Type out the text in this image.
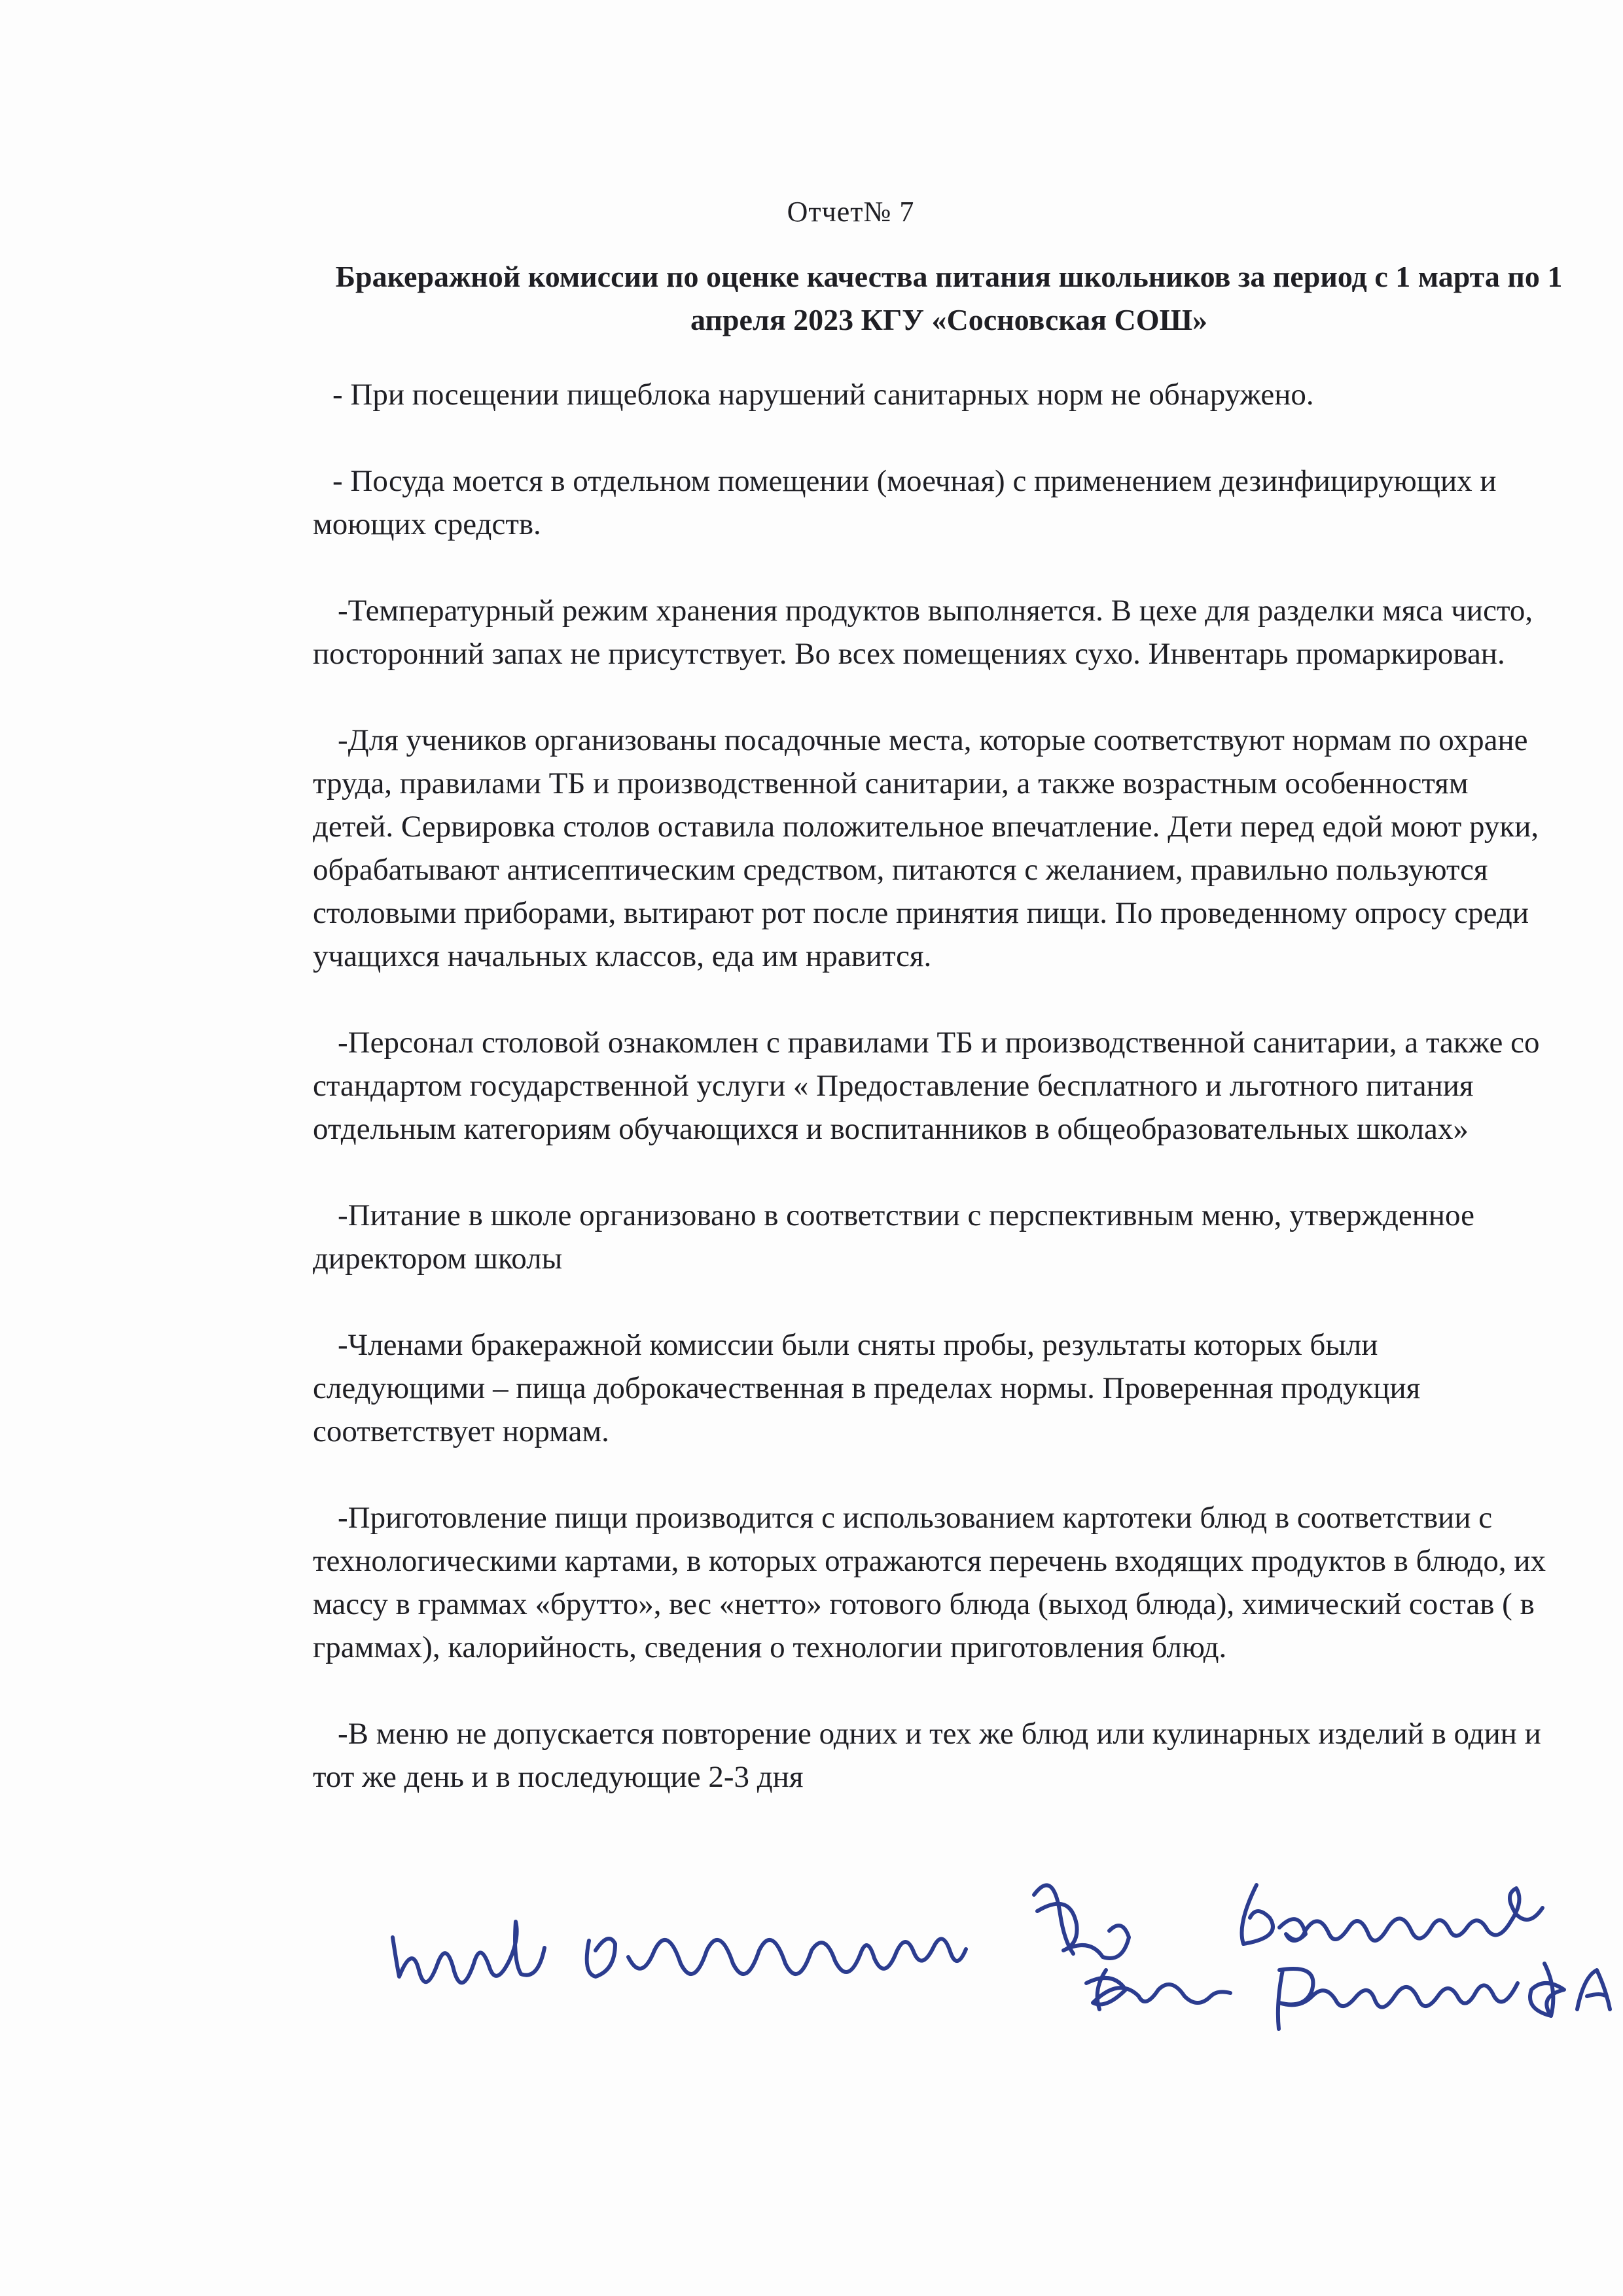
Отчет№ 7
Бракеражной комиссии по оценке качества питания школьников за период с 1 марта по 1 апреля 2023 КГУ «Сосновская СОШ»

- При посещении пищеблока нарушений санитарных норм не обнаружено.

- Посуда моется в отдельном помещении (моечная) с применением дезинфицирующих и моющих средств.

-Температурный режим хранения продуктов выполняется. В цехе для разделки мяса чисто, посторонний запах не присутствует. Во всех помещениях сухо. Инвентарь промаркирован.

-Для учеников организованы посадочные места, которые соответствуют нормам по охране труда, правилами ТБ и производственной санитарии, а также возрастным особенностям детей. Сервировка столов оставила положительное впечатление. Дети перед едой моют руки, обрабатывают антисептическим средством, питаются с желанием, правильно пользуются столовыми приборами, вытирают рот после принятия пищи. По проведенному опросу среди учащихся начальных классов, еда им нравится.

-Персонал столовой ознакомлен с правилами ТБ и производственной санитарии, а также со стандартом государственной услуги « Предоставление бесплатного и льготного питания отдельным категориям обучающихся и воспитанников в общеобразовательных школах»

-Питание в школе организовано в соответствии с перспективным меню, утвержденное директором школы

-Членами бракеражной комиссии были сняты пробы, результаты которых были следующими – пища доброкачественная в пределах нормы. Проверенная продукция соответствует нормам.

-Приготовление пищи производится с использованием картотеки блюд в соответствии с технологическими картами, в которых отражаются перечень входящих продуктов в блюдо, их массу в граммах «брутто», вес «нетто» готового блюда (выход блюда), химический состав ( в граммах), калорийность, сведения о технологии приготовления блюд.

-В меню не допускается повторение одних и тех же блюд или кулинарных изделий в один и тот же день и в последующие 2-3 дня
